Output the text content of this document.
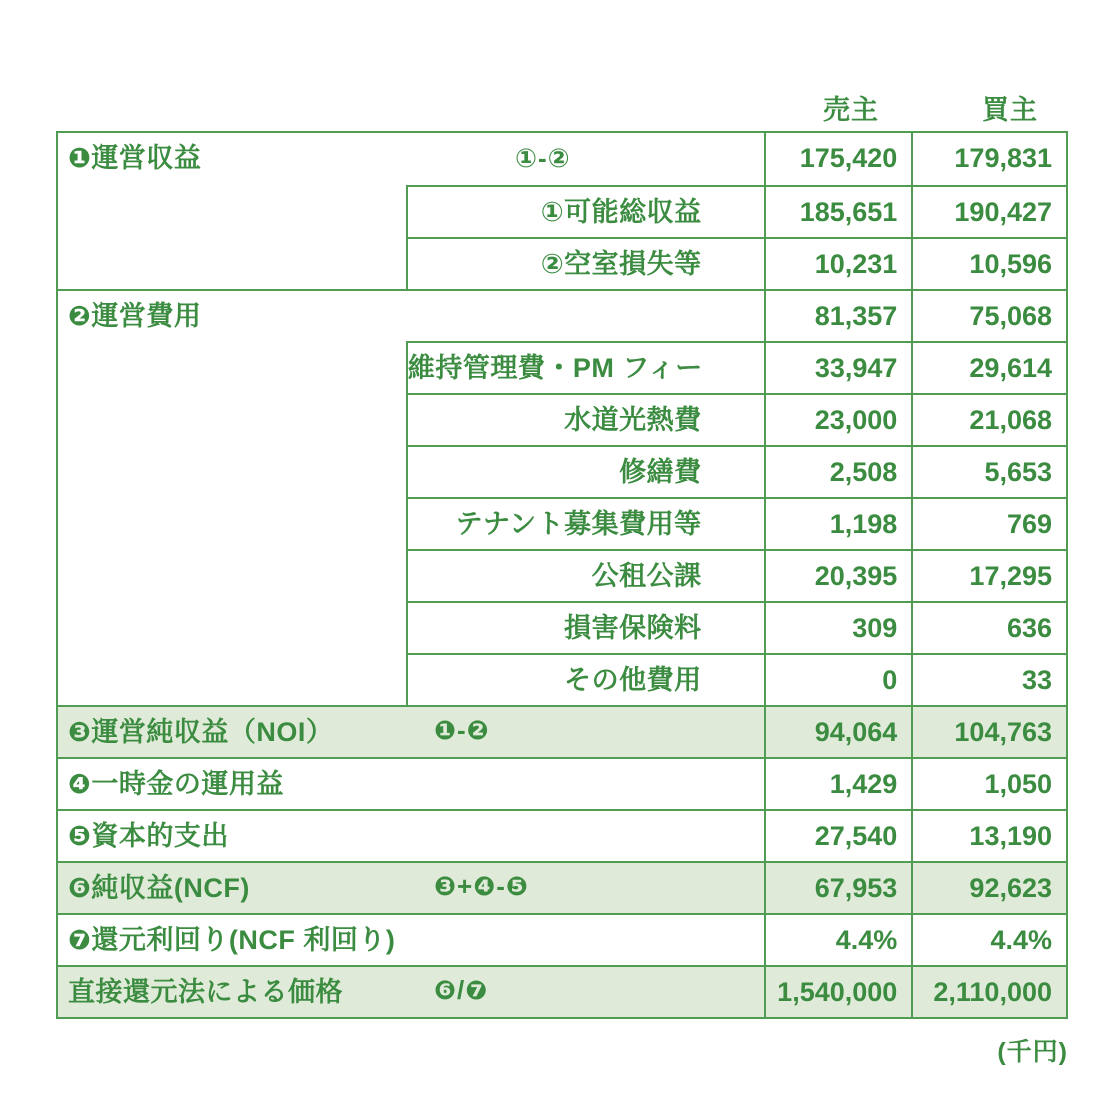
売主	買主
❶運営収益	①-②	175,420	179,831
①可能総収益	185,651	190,427
②空室損失等	10,231	10,596
❷運営費用	81,357	75,068
維持管理費・PM フィー	33,947	29,614
水道光熱費	23,000	21,068
修繕費	2,508	5,653
テナント募集費用等	1,198	769
公租公課	20,395	17,295
損害保険料	309	636
その他費用	0	33
❸運営純収益（NOI）	❶-❷	94,064	104,763
❹一時金の運用益	1,429	1,050
❺資本的支出	27,540	13,190
❻純収益(NCF)	❸+❹-❺	67,953	92,623
❼還元利回り(NCF 利回り)	4.4%	4.4%
直接還元法による価格	❻/❼	1,540,000	2,110,000
(千円)
